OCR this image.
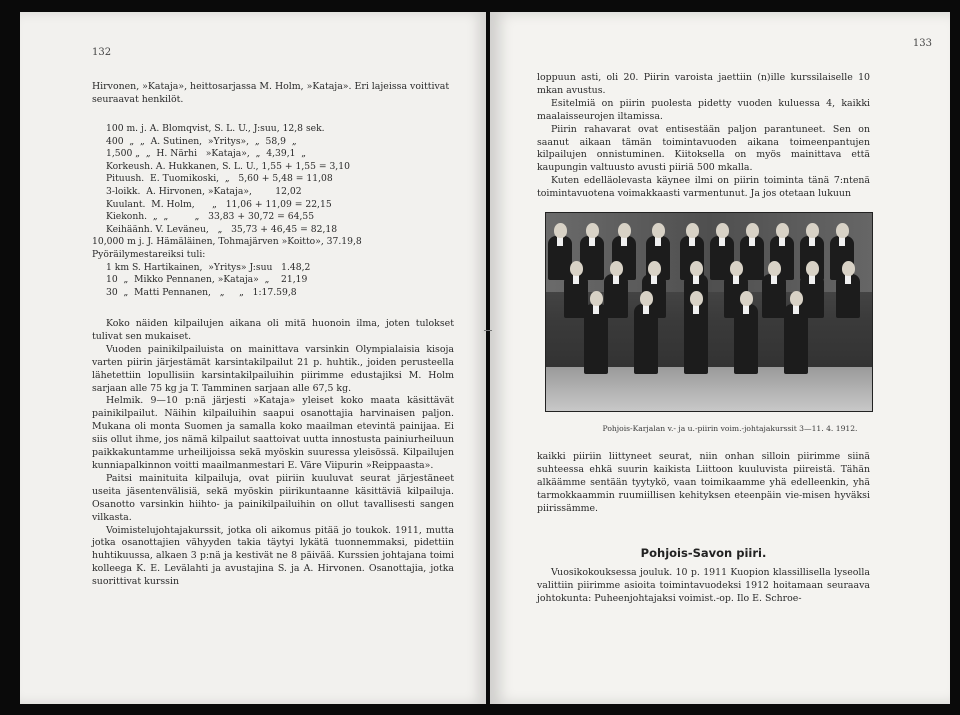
132
133
Hirvonen, »Kataja», heittosarjassa M. Holm, »Kataja». Eri lajeissa voittivat seuraavat henkilöt.
100 m. j. A. Blomqvist, S. L. U., J:suu, 12,8 sek.
400  „  „  A. Sutinen,  »Yritys»,  „  58,9  „
1,500 „  „  H. Närhi   »Kataja»,  „  4,39,1  „
Korkeush. A. Hukkanen, S. L. U., 1,55 + 1,55 = 3,10
Pituush.  E. Tuomikoski,  „   5,60 + 5,48 = 11,08
3-loikk.  A. Hirvonen, »Kataja»,        12,02
Kuulant.  M. Holm,      „   11,06 + 11,09 = 22,15
Kiekonh.  „  „         „   33,83 + 30,72 = 64,55
Keihäänh. V. Leväneu,   „   35,73 + 46,45 = 82,18
10,000 m j. J. Hämäläinen, Tohmajärven »Koitto», 37.19,8
Pyöräilymestareiksi tuli:
1 km S. Hartikainen,  »Yritys» J:suu   1.48,2
10  „  Mikko Pennanen, »Kataja»  „    21,19
30  „  Matti Pennanen,   „     „   1:17.59,8

Koko näiden kilpailujen aikana oli mitä huonoin ilma, joten tulokset tulivat sen mukaiset.

Vuoden painikilpailuista on mainittava varsinkin Olympialaisia kisoja varten piirin järjestämät karsintakilpailut 21 p. huhtik., joiden perusteella lähetettiin lopullisiin karsintakilpailuihin piirimme edustajiksi M. Holm sarjaan alle 75 kg ja T. Tamminen sarjaan alle 67,5 kg.

Helmik. 9—10 p:nä järjesti »Kataja» yleiset koko maata käsittävät painikilpailut. Näihin kilpailuihin saapui osanottajia harvinaisen paljon. Mukana oli monta Suomen ja samalla koko maailman etevintä painijaa. Ei siis ollut ihme, jos nämä kilpailut saattoivat uutta innostusta painiurheiluun paikkakuntamme urheilijoissa sekä myöskin suuressa yleisössä. Kilpailujen kunniapalkinnon voitti maailmanmestari E. Väre Viipurin »Reippaasta».

Paitsi mainituita kilpailuja, ovat piiriin kuuluvat seurat järjestäneet useita jäsentenvälisiä, sekä myöskin piirikuntaanne käsittäviä kilpailuja. Osanotto varsinkin hiihto- ja painikilpailuihin on ollut tavallisesti sangen vilkasta.

Voimistelujohtajakurssit, jotka oli aikomus pitää jo toukok. 1911, mutta jotka osanottajien vähyyden takia täytyi lykätä tuonnemmaksi, pidettiin huhtikuussa, alkaen 3 p:nä ja kestivät ne 8 päivää. Kurssien johtajana toimi kolleega K. E. Levälahti ja avustajina S. ja A. Hirvonen. Osanottajia, jotka suorittivat kurssin

loppuun asti, oli 20. Piirin varoista jaettiin (n)ille kurssilaiselle 10 mkan avustus.

Esitelmiä on piirin puolesta pidetty vuoden kuluessa 4, kaikki maalaisseurojen iltamissa.

Piirin rahavarat ovat entisestään paljon parantuneet. Sen on saanut aikaan tämän toimintavuoden aikana toimeenpantujen kilpailujen onnistuminen. Kiitoksella on myös mainittava että kaupungin valtuusto avusti piiriä 500 mkalla.

Kuten edelläolevasta käynee ilmi on piirin toiminta tänä 7:ntenä toimintavuotena voimakkaasti varmentunut. Ja jos otetaan lukuun

Pohjois-Karjalan v.- ja u.-piirin voim.-johtajakurssit 3—11. 4. 1912.
kaikki piiriin liittyneet seurat, niin onhan silloin piirimme siinä suhteessa ehkä suurin kaikista Liittoon kuuluvista piireistä. Tähän alkäämme sentään tyytykö, vaan toimikaamme yhä edelleenkin, yhä tarmokkaammin ruumiillisen kehityksen eteenpäin vie-misen hyväksi piirissämme.
Pohjois-Savon piiri.

Vuosikokouksessa jouluk. 10 p. 1911 Kuopion klassillisella lyseolla valittiin piirimme asioita toimintavuodeksi 1912 hoitamaan seuraava johtokunta: Puheenjohtajaksi voimist.-op. Ilo E. Schroe-
